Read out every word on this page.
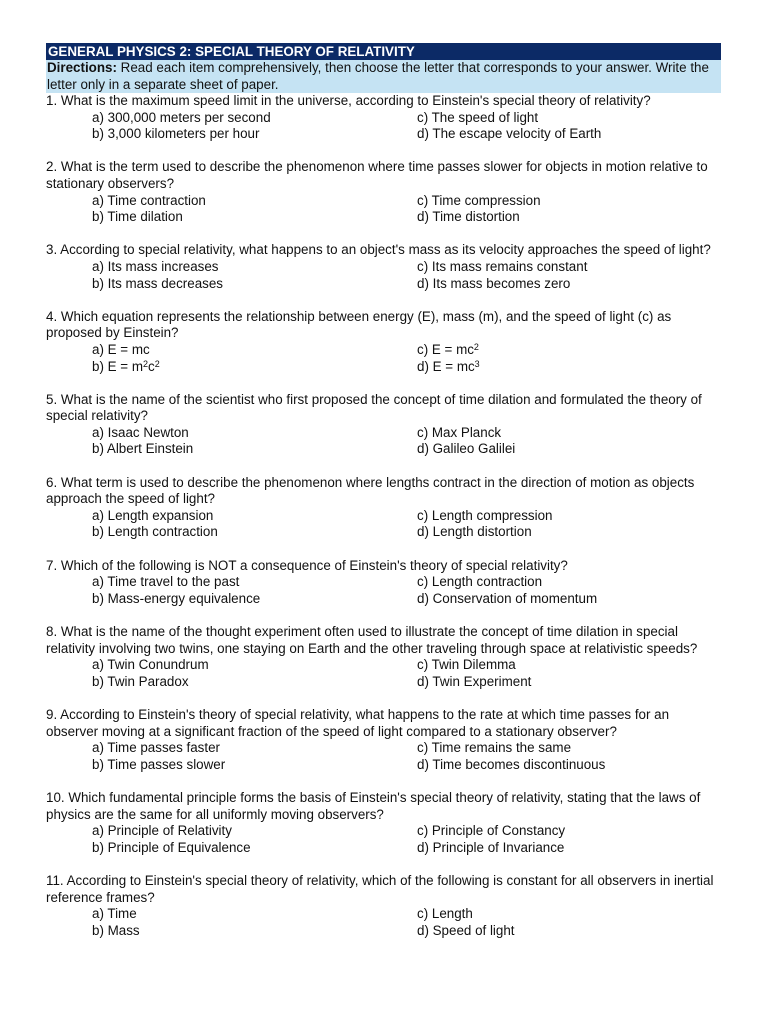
GENERAL PHYSICS 2: SPECIAL THEORY OF RELATIVITY
Directions: Read each item comprehensively, then choose the letter that corresponds to your answer. Write the letter only in a separate sheet of paper.
1. What is the maximum speed limit in the universe, according to Einstein's special theory of relativity?
a) 300,000 meters per second	c) The speed of light
b) 3,000 kilometers per hour	d) The escape velocity of Earth
2. What is the term used to describe the phenomenon where time passes slower for objects in motion relative to stationary observers?
a) Time contraction	c) Time compression
b) Time dilation	d) Time distortion
3. According to special relativity, what happens to an object's mass as its velocity approaches the speed of light?
a) Its mass increases	c) Its mass remains constant
b) Its mass decreases	d) Its mass becomes zero
4. Which equation represents the relationship between energy (E), mass (m), and the speed of light (c) as proposed by Einstein?
a) E = mc	c) $E = mc^2$
b) $E = m^2c^2$	d) $E = mc^3$
5. What is the name of the scientist who first proposed the concept of time dilation and formulated the theory of special relativity?
a) Isaac Newton	c) Max Planck
b) Albert Einstein	d) Galileo Galilei
6. What term is used to describe the phenomenon where lengths contract in the direction of motion as objects approach the speed of light?
a) Length expansion	c) Length compression
b) Length contraction	d) Length distortion
7. Which of the following is NOT a consequence of Einstein's theory of special relativity?
a) Time travel to the past	c) Length contraction
b) Mass-energy equivalence	d) Conservation of momentum
8. What is the name of the thought experiment often used to illustrate the concept of time dilation in special relativity involving two twins, one staying on Earth and the other traveling through space at relativistic speeds?
a) Twin Conundrum	c) Twin Dilemma
b) Twin Paradox	d) Twin Experiment
9. According to Einstein's theory of special relativity, what happens to the rate at which time passes for an observer moving at a significant fraction of the speed of light compared to a stationary observer?
a) Time passes faster	c) Time remains the same
b) Time passes slower	d) Time becomes discontinuous
10. Which fundamental principle forms the basis of Einstein's special theory of relativity, stating that the laws of physics are the same for all uniformly moving observers?
a) Principle of Relativity	c) Principle of Constancy
b) Principle of Equivalence	d) Principle of Invariance
11. According to Einstein's special theory of relativity, which of the following is constant for all observers in inertial reference frames?
a) Time	c) Length
b) Mass	d) Speed of light
